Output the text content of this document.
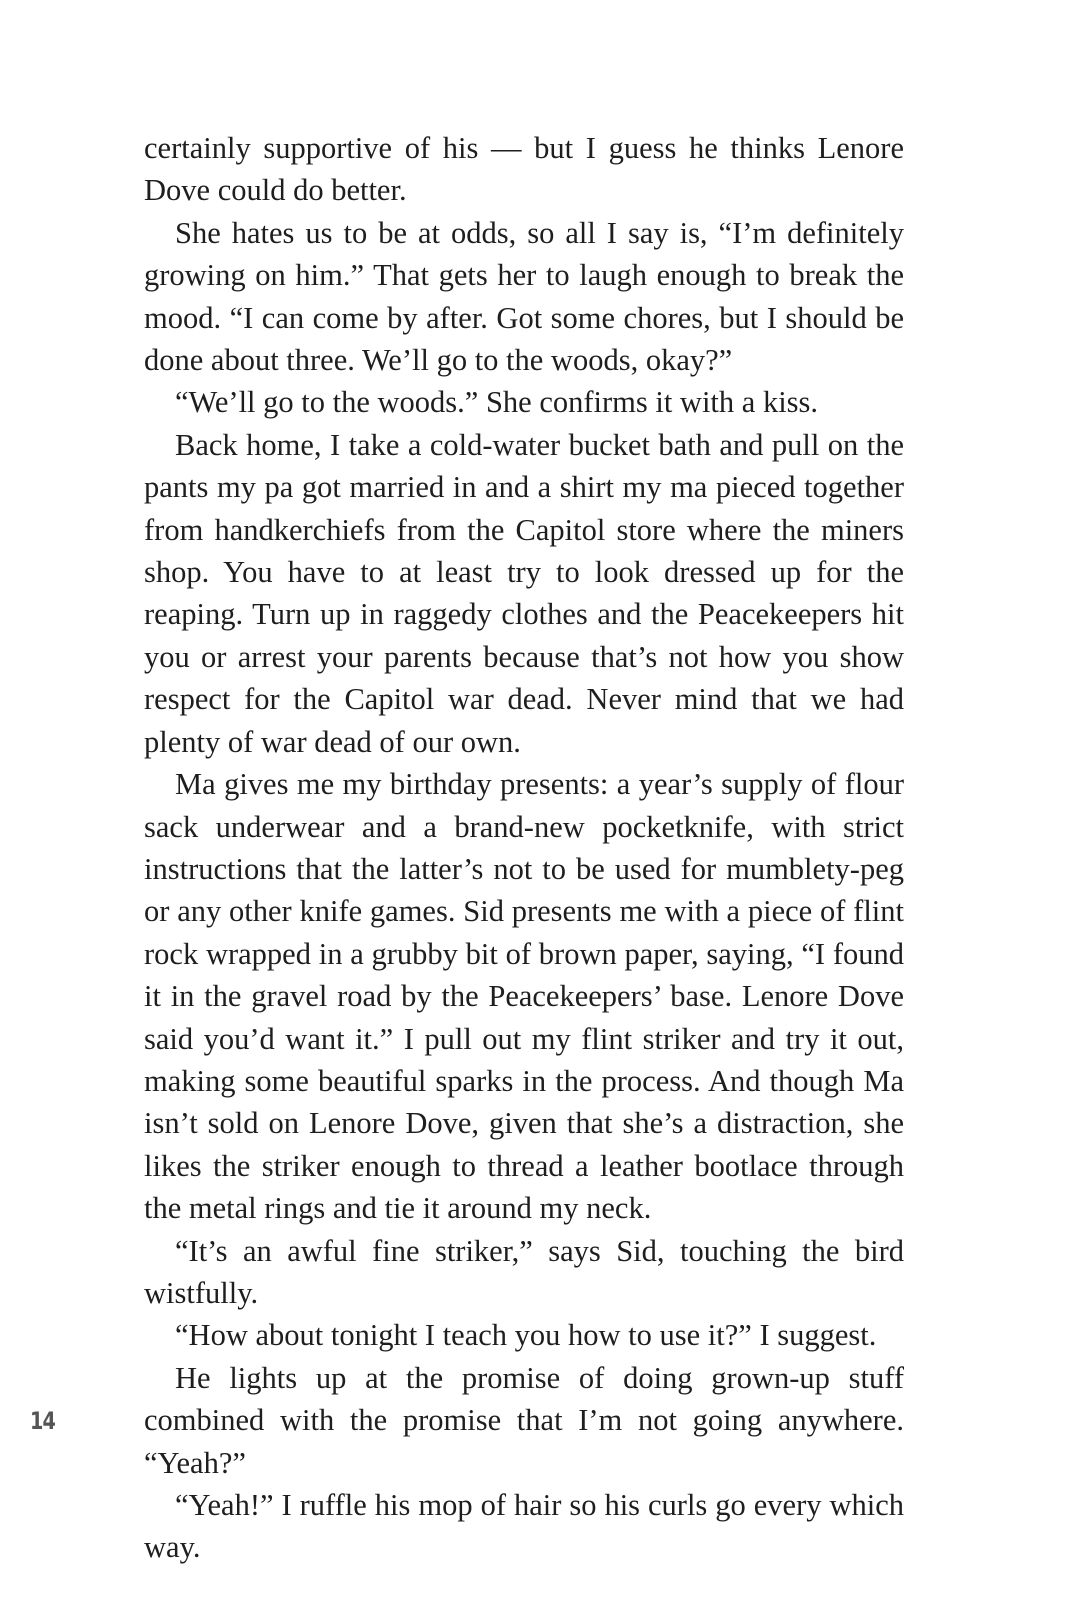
certainly supportive of his — but I guess he thinks Lenore Dove could do better.

She hates us to be at odds, so all I say is, “I’m definitely growing on him.” That gets her to laugh enough to break the mood. “I can come by after. Got some chores, but I should be done about three. We’ll go to the woods, okay?”

“We’ll go to the woods.” She confirms it with a kiss.

Back home, I take a cold-water bucket bath and pull on the pants my pa got married in and a shirt my ma pieced together from handkerchiefs from the Capitol store where the miners shop. You have to at least try to look dressed up for the reaping. Turn up in raggedy clothes and the Peacekeepers hit you or arrest your parents because that’s not how you show respect for the Capitol war dead. Never mind that we had plenty of war dead of our own.

Ma gives me my birthday presents: a year’s supply of flour sack underwear and a brand-new pocketknife, with strict instructions that the latter’s not to be used for mumblety-peg or any other knife games. Sid presents me with a piece of flint rock wrapped in a grubby bit of brown paper, saying, “I found it in the gravel road by the Peacekeepers’ base. Lenore Dove said you’d want it.” I pull out my flint striker and try it out, making some beautiful sparks in the process. And though Ma isn’t sold on Lenore Dove, given that she’s a distraction, she likes the striker enough to thread a leather bootlace through the metal rings and tie it around my neck.

“It’s an awful fine striker,” says Sid, touching the bird wistfully.

“How about tonight I teach you how to use it?” I suggest.

He lights up at the promise of doing grown-up stuff combined with the promise that I’m not going anywhere. “Yeah?”

“Yeah!” I ruffle his mop of hair so his curls go every which way.

14
